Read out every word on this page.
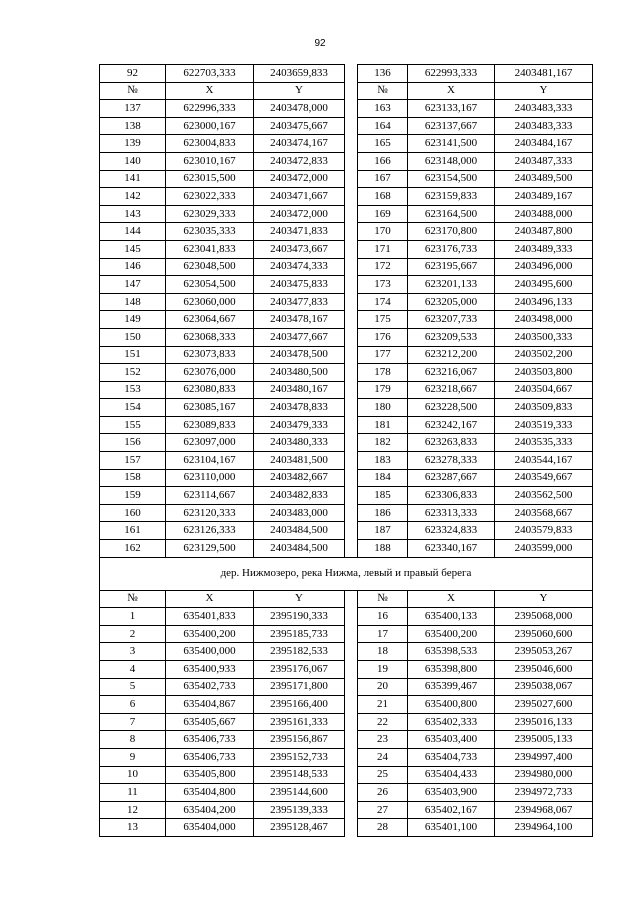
92
92	622703,333	2403659,833		136	622993,333	2403481,167
№	X	Y		№	X	Y
137	622996,333	2403478,000		163	623133,167	2403483,333
138	623000,167	2403475,667		164	623137,667	2403483,333
139	623004,833	2403474,167		165	623141,500	2403484,167
140	623010,167	2403472,833		166	623148,000	2403487,333
141	623015,500	2403472,000		167	623154,500	2403489,500
142	623022,333	2403471,667		168	623159,833	2403489,167
143	623029,333	2403472,000		169	623164,500	2403488,000
144	623035,333	2403471,833		170	623170,800	2403487,800
145	623041,833	2403473,667		171	623176,733	2403489,333
146	623048,500	2403474,333		172	623195,667	2403496,000
147	623054,500	2403475,833		173	623201,133	2403495,600
148	623060,000	2403477,833		174	623205,000	2403496,133
149	623064,667	2403478,167		175	623207,733	2403498,000
150	623068,333	2403477,667		176	623209,533	2403500,333
151	623073,833	2403478,500		177	623212,200	2403502,200
152	623076,000	2403480,500		178	623216,067	2403503,800
153	623080,833	2403480,167		179	623218,667	2403504,667
154	623085,167	2403478,833		180	623228,500	2403509,833
155	623089,833	2403479,333		181	623242,167	2403519,333
156	623097,000	2403480,333		182	623263,833	2403535,333
157	623104,167	2403481,500		183	623278,333	2403544,167
158	623110,000	2403482,667		184	623287,667	2403549,667
159	623114,667	2403482,833		185	623306,833	2403562,500
160	623120,333	2403483,000		186	623313,333	2403568,667
161	623126,333	2403484,500		187	623324,833	2403579,833
162	623129,500	2403484,500		188	623340,167	2403599,000
дер. Нижмозеро, река Нижма, левый и правый берега						
№	X	Y		№	X	Y
1	635401,833	2395190,333		16	635400,133	2395068,000
2	635400,200	2395185,733		17	635400,200	2395060,600
3	635400,000	2395182,533		18	635398,533	2395053,267
4	635400,933	2395176,067		19	635398,800	2395046,600
5	635402,733	2395171,800		20	635399,467	2395038,067
6	635404,867	2395166,400		21	635400,800	2395027,600
7	635405,667	2395161,333		22	635402,333	2395016,133
8	635406,733	2395156,867		23	635403,400	2395005,133
9	635406,733	2395152,733		24	635404,733	2394997,400
10	635405,800	2395148,533		25	635404,433	2394980,000
11	635404,800	2395144,600		26	635403,900	2394972,733
12	635404,200	2395139,333		27	635402,167	2394968,067
13	635404,000	2395128,467		28	635401,100	2394964,100
